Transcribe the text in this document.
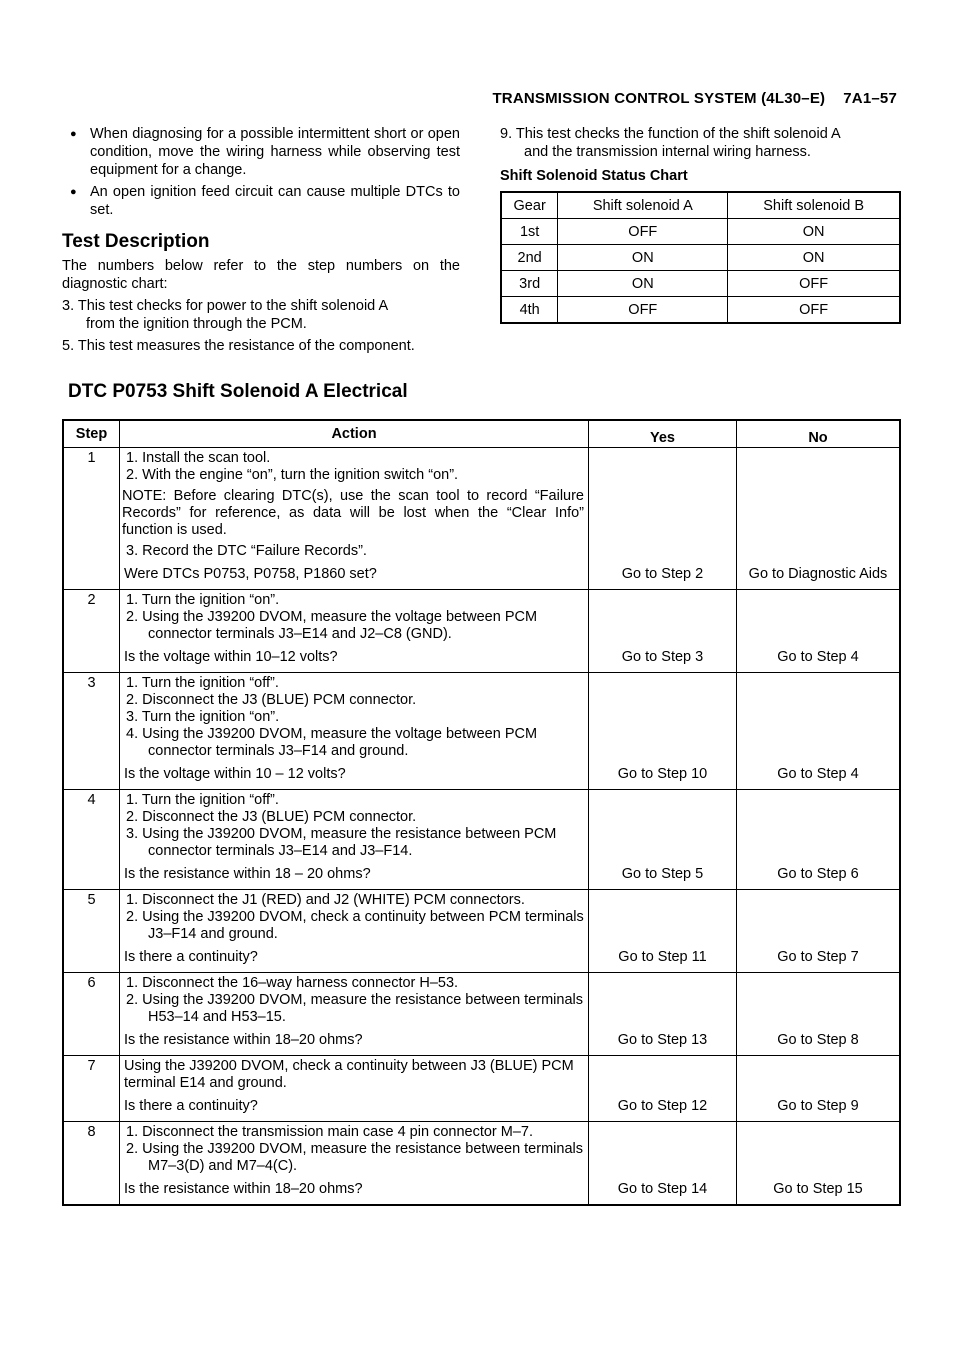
TRANSMISSION CONTROL SYSTEM (4L30–E) 7A1–57
● When diagnosing for a possible intermittent short or open condition, move the wiring harness while observing test equipment for a change.
● An open ignition feed circuit can cause multiple DTCs to set.
Test Description
The numbers below refer to the step numbers on the diagnostic chart:
3. This test checks for power to the shift solenoid A
from the ignition through the PCM.
5. This test measures the resistance of the component.
9. This test checks the function of the shift solenoid A
and the transmission internal wiring harness.
Shift Solenoid Status Chart
Gear	Shift solenoid A	Shift solenoid B
1st	OFF	ON
2nd	ON	ON
3rd	ON	OFF
4th	OFF	OFF
DTC P0753 Shift Solenoid A Electrical
Step	Action	Yes	No
1	1. Install the scan tool.
2. With the engine “on”, turn the ignition switch “on”.
NOTE: Before clearing DTC(s), use the scan tool to record “Failure Records” for reference, as data will be lost when the “Clear Info” function is used.
3. Record the DTC “Failure Records”.
Were DTCs P0753, P0758, P1860 set?	Go to Step 2	Go to Diagnostic Aids
2	1. Turn the ignition “on”.
2. Using the J39200 DVOM, measure the voltage between PCM connector terminals J3–E14 and J2–C8 (GND).
Is the voltage within 10–12 volts?	Go to Step 3	Go to Step 4
3	1. Turn the ignition “off”.
2. Disconnect the J3 (BLUE) PCM connector.
3. Turn the ignition “on”.
4. Using the J39200 DVOM, measure the voltage between PCM connector terminals J3–F14 and ground.
Is the voltage within 10 – 12 volts?	Go to Step 10	Go to Step 4
4	1. Turn the ignition “off”.
2. Disconnect the J3 (BLUE) PCM connector.
3. Using the J39200 DVOM, measure the resistance between PCM connector terminals J3–E14 and J3–F14.
Is the resistance within 18 – 20 ohms?	Go to Step 5	Go to Step 6
5	1. Disconnect the J1 (RED) and J2 (WHITE) PCM connectors.
2. Using the J39200 DVOM, check a continuity between PCM terminals J3–F14 and ground.
Is there a continuity?	Go to Step 11	Go to Step 7
6	1. Disconnect the 16–way harness connector H–53.
2. Using the J39200 DVOM, measure the resistance between terminals H53–14 and H53–15.
Is the resistance within 18–20 ohms?	Go to Step 13	Go to Step 8
7	Using the J39200 DVOM, check a continuity between J3 (BLUE) PCM terminal E14 and ground.
Is there a continuity?	Go to Step 12	Go to Step 9
8	1. Disconnect the transmission main case 4 pin connector M–7.
2. Using the J39200 DVOM, measure the resistance between terminals M7–3(D) and M7–4(C).
Is the resistance within 18–20 ohms?	Go to Step 14	Go to Step 15
